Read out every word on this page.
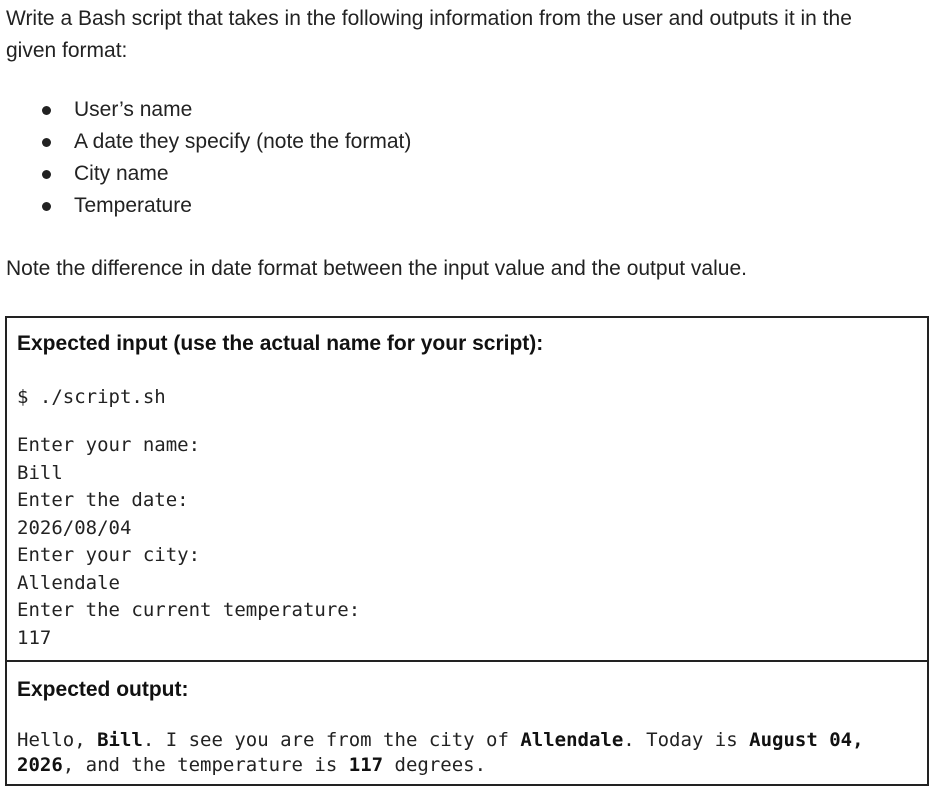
Write a Bash script that takes in the following information from the user and outputs it in the given format:

User’s name
A date they specify (note the format)
City name
Temperature

Note the difference in date format between the input value and the output value.

Expected input (use the actual name for your script):
$ ./script.sh
Enter your name:
Bill
Enter the date:
2026/08/04
Enter your city:
Allendale
Enter the current temperature:
117
Expected output:

Hello, Bill. I see you are from the city of Allendale. Today is August 04, 2026, and the temperature is 117 degrees.
